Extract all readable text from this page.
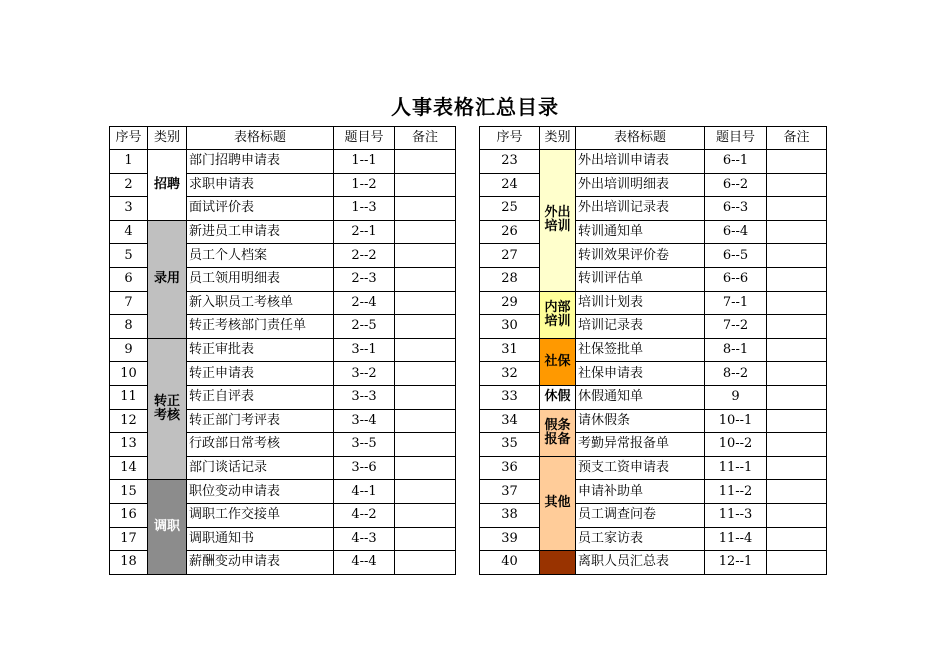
人事表格汇总目录
序号	类别	表格标题	题目号	备注
1	招聘	部门招聘申请表	1--1	
2		求职申请表	1--2	
3		面试评价表	1--3	
4	录用	新进员工申请表	2--1	
5		员工个人档案	2--2	
6		员工领用明细表	2--3	
7		新入职员工考核单	2--4	
8		转正考核部门责任单	2--5	
9	转正考核	转正审批表	3--1	
10		转正申请表	3--2	
11		转正自评表	3--3	
12		转正部门考评表	3--4	
13		行政部日常考核	3--5	
14		部门谈话记录	3--6	
15	调职	职位变动申请表	4--1	
16		调职工作交接单	4--2	
17		调职通知书	4--3	
18		薪酬变动申请表	4--4	
序号	类别	表格标题	题目号	备注
23	外出培训	外出培训申请表	6--1	
24		外出培训明细表	6--2	
25		外出培训记录表	6--3	
26		转训通知单	6--4	
27		转训效果评价卷	6--5	
28		转训评估单	6--6	
29	内部培训	培训计划表	7--1	
30		培训记录表	7--2	
31	社保	社保签批单	8--1	
32		社保申请表	8--2	
33	休假	休假通知单	9	
34	假条报备	请休假条	10--1	
35		考勤异常报备单	10--2	
36	其他	预支工资申请表	11--1	
37		申请补助单	11--2	
38		员工调查问卷	11--3	
39		员工家访表	11--4	
40		离职人员汇总表	12--1	
